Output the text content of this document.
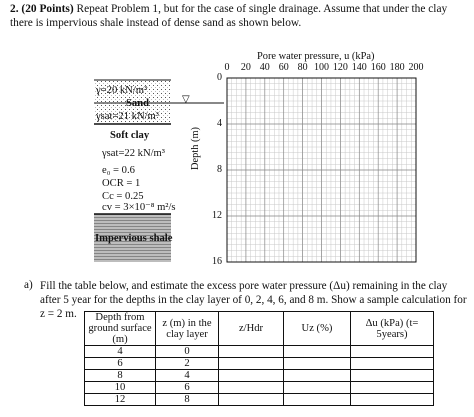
2. (20 Points) Repeat Problem 1, but for the case of single drainage. Assume that under the clay there is impervious shale instead of dense sand as shown below.
▽
γ=20 kN/m³
Sand
γsat=21 kN/m³
Soft clay
γsat=22 kN/m³
e₀ = 0.6
OCR = 1
Cc = 0.25
cv = 3×10⁻⁸ m²/s
Impervious shale
Pore water pressure, u (kPa)
0	20 40 60 80 100 120 140 160 180 200
0
4
8
12
16
Depth (m)
a) Fill the table below, and estimate the excess pore water pressure (Δu) remaining in the clay after 5 year for the depths in the clay layer of 0, 2, 4, 6, and 8 m. Show a sample calculation for z = 2 m.	Depth from ground surface (m)	z (m) in the clay layer	z/Hdr	Uz (%)	Δu (kPa) (t= 5years)
4	0			
6	2			
8	4			
10	6			
12	8			
